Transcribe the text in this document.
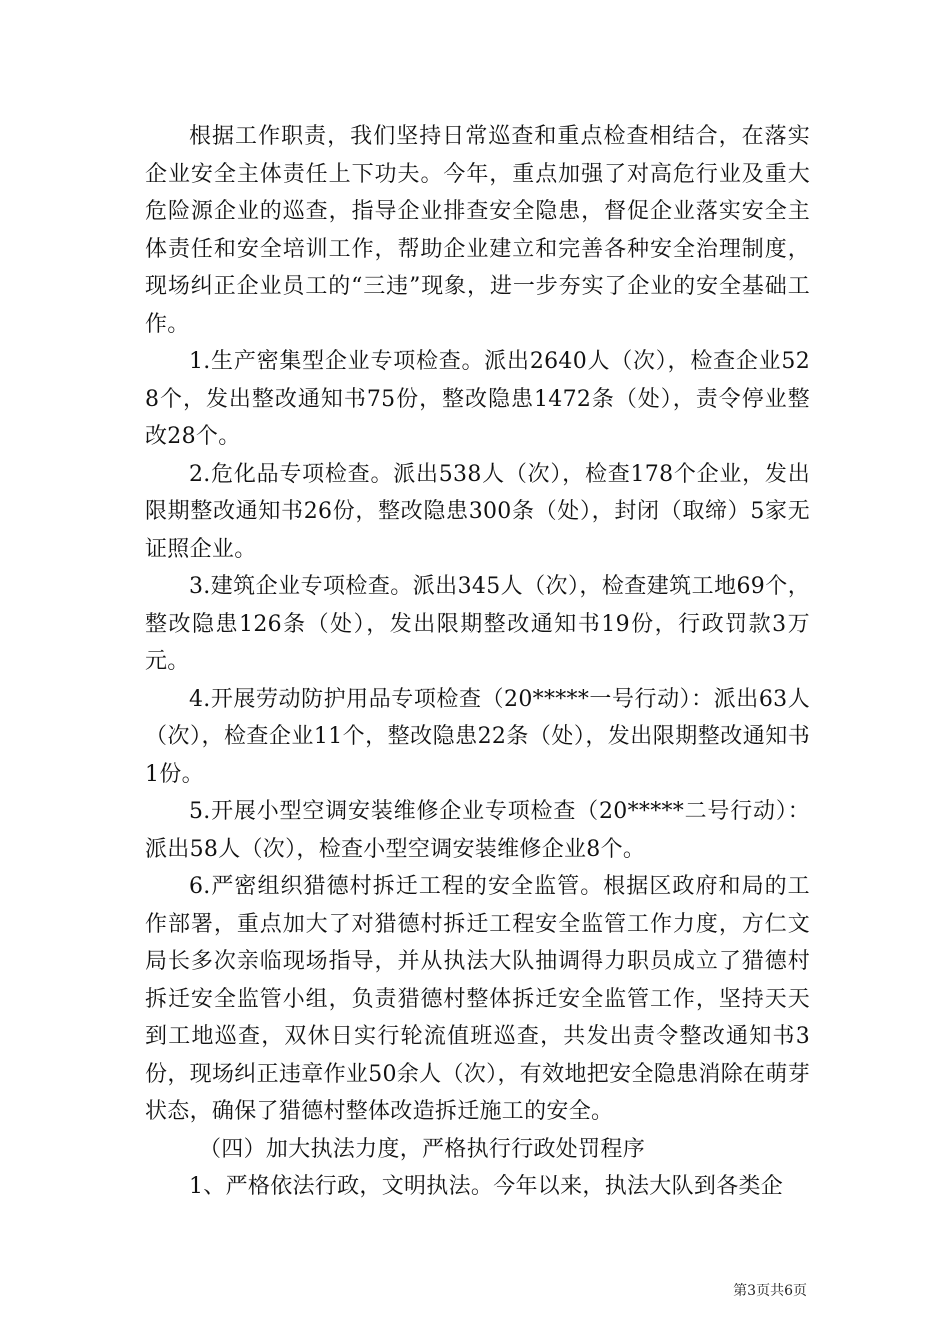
根据工作职责，我们坚持日常巡查和重点检查相结合，在落实企业安全主体责任上下功夫。今年，重点加强了对高危行业及重大危险源企业的巡查，指导企业排查安全隐患，督促企业落实安全主体责任和安全培训工作，帮助企业建立和完善各种安全治理制度，现场纠正企业员工的“三违”现象，进一步夯实了企业的安全基础工作。

1.生产密集型企业专项检查。派出2640人（次），检查企业528个，发出整改通知书75份，整改隐患1472条（处），责令停业整改28个。

2.危化品专项检查。派出538人（次），检查178个企业，发出限期整改通知书26份，整改隐患300条（处），封闭（取缔）5家无证照企业。

3.建筑企业专项检查。派出345人（次），检查建筑工地69个，整改隐患126条（处），发出限期整改通知书19份，行政罚款3万元。

4.开展劳动防护用品专项检查（20*****一号行动）：派出63人（次），检查企业11个，整改隐患22条（处），发出限期整改通知书1份。

5.开展小型空调安装维修企业专项检查（20*****二号行动）：派出58人（次），检查小型空调安装维修企业8个。

6.严密组织猎德村拆迁工程的安全监管。根据区政府和局的工作部署，重点加大了对猎德村拆迁工程安全监管工作力度，方仁文局长多次亲临现场指导，并从执法大队抽调得力职员成立了猎德村拆迁安全监管小组，负责猎德村整体拆迁安全监管工作，坚持天天到工地巡查，双休日实行轮流值班巡查，共发出责令整改通知书3份，现场纠正违章作业50余人（次），有效地把安全隐患消除在萌芽状态，确保了猎德村整体改造拆迁施工的安全。

（四）加大执法力度，严格执行行政处罚程序

1、严格依法行政，文明执法。今年以来，执法大队到各类企

第3页共6页
